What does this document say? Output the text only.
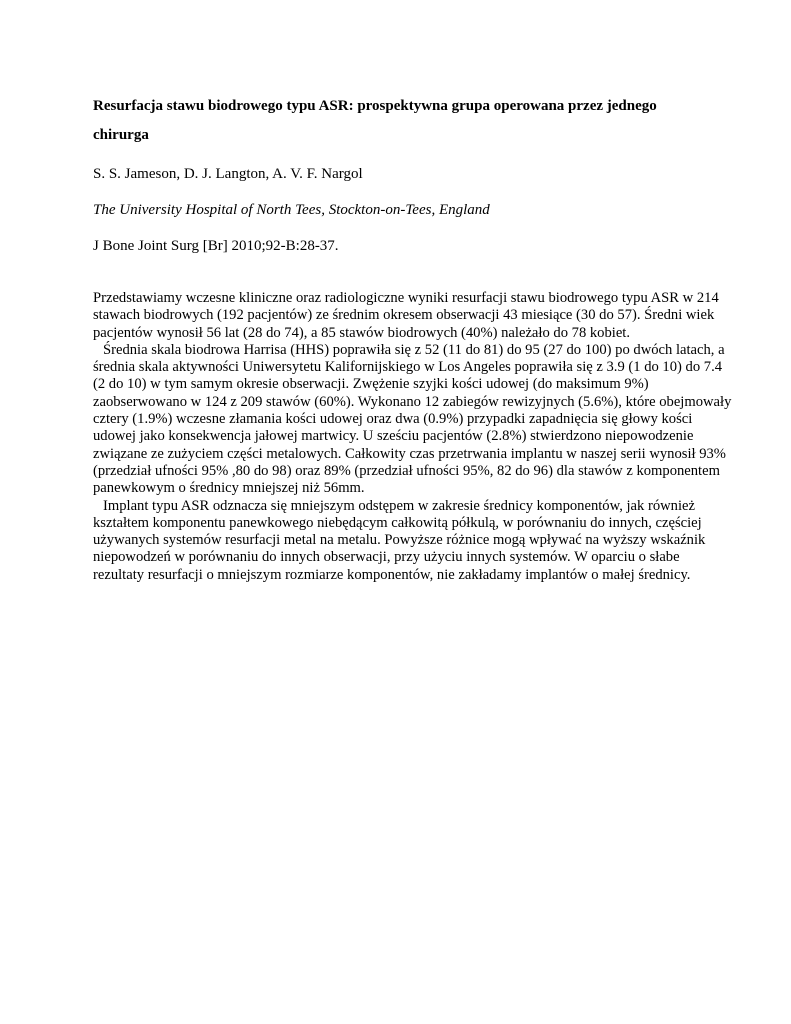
Resurfacja stawu biodrowego typu ASR: prospektywna grupa operowana przez jednego chirurga

S. S. Jameson, D. J. Langton, A. V. F. Nargol

The University Hospital of North Tees, Stockton-on-Tees, England

J Bone Joint Surg [Br] 2010;92-B:28-37.

Przedstawiamy wczesne kliniczne oraz radiologiczne wyniki resurfacji stawu biodrowego typu ASR w 214 stawach biodrowych (192 pacjentów) ze średnim okresem obserwacji 43 miesiące (30 do 57). Średni wiek pacjentów wynosił 56 lat (28 do 74), a 85 stawów biodrowych (40%) należało do 78 kobiet.

Średnia skala biodrowa Harrisa (HHS) poprawiła się z 52 (11 do 81) do 95 (27 do 100) po dwóch latach, a średnia skala aktywności Uniwersytetu Kalifornijskiego w Los Angeles poprawiła się z 3.9 (1 do 10) do 7.4 (2 do 10) w tym samym okresie obserwacji. Zwężenie szyjki kości udowej (do maksimum 9%) zaobserwowano w 124 z 209 stawów (60%). Wykonano 12 zabiegów rewizyjnych (5.6%), które obejmowały cztery (1.9%) wczesne złamania kości udowej oraz dwa (0.9%) przypadki zapadnięcia się głowy kości udowej jako konsekwencja jałowej martwicy. U sześciu pacjentów (2.8%) stwierdzono niepowodzenie związane ze zużyciem części metalowych. Całkowity czas przetrwania implantu w naszej serii wynosił 93% (przedział ufności 95% ,80 do 98) oraz 89% (przedział ufności 95%, 82 do 96) dla stawów z komponentem panewkowym o średnicy mniejszej niż 56mm.

Implant typu ASR odznacza się mniejszym odstępem w zakresie średnicy komponentów, jak również kształtem komponentu panewkowego niebędącym całkowitą półkulą, w porównaniu do innych, częściej używanych systemów resurfacji metal na metalu. Powyższe różnice mogą wpływać na wyższy wskaźnik niepowodzeń w porównaniu do innych obserwacji, przy użyciu innych systemów. W oparciu o słabe rezultaty resurfacji o mniejszym rozmiarze komponentów, nie zakładamy implantów o małej średnicy.
